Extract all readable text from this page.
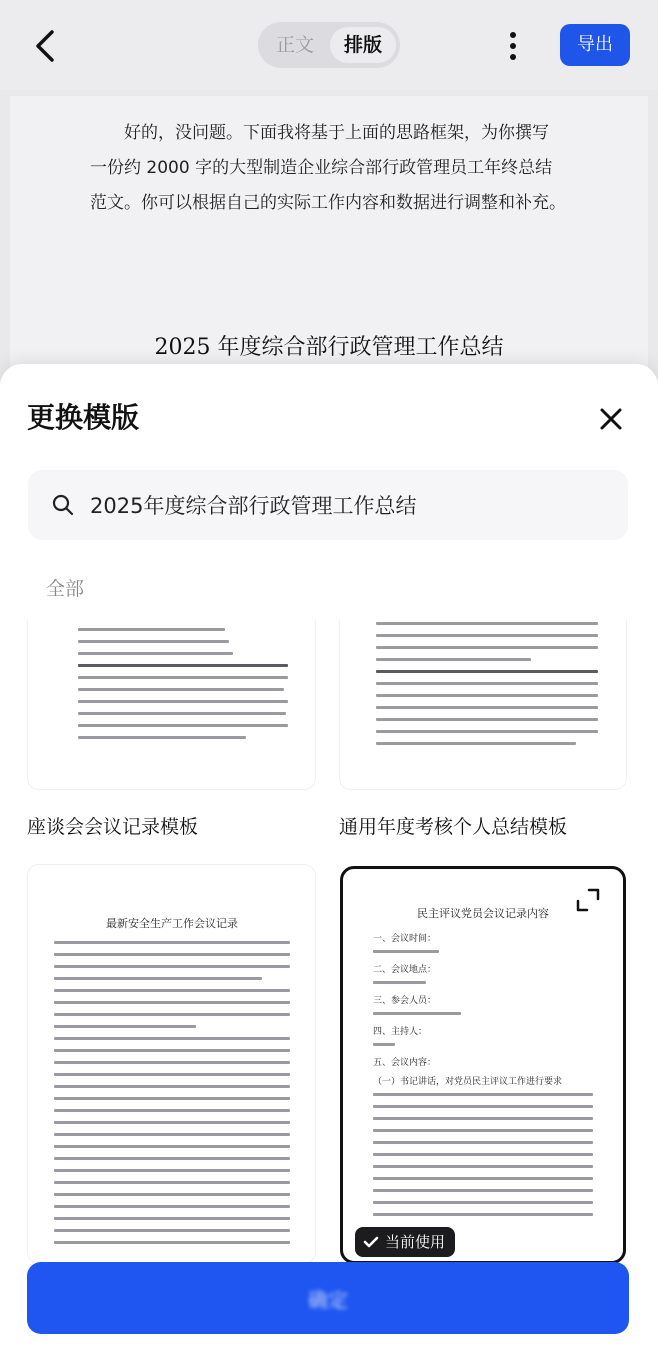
正文	排版	导出

好的，没问题。下面我将基于上面的思路框架，为你撰写

一份约 2000 字的大型制造企业综合部行政管理员工年终总结
范文。你可以根据自己的实际工作内容和数据进行调整和补充。
2025 年度综合部行政管理工作总结
更换模版
2025年度综合部行政管理工作总结
全部
座谈会会议记录模板	通用年度考核个人总结模板
最新安全生产工作会议记录
民主评议党员会议记录内容
一、会议时间：
二、会议地点：
三、参会人员：
四、主持人：
五、会议内容：
（一）书记讲话，对党员民主评议工作进行要求
当前使用
确定
